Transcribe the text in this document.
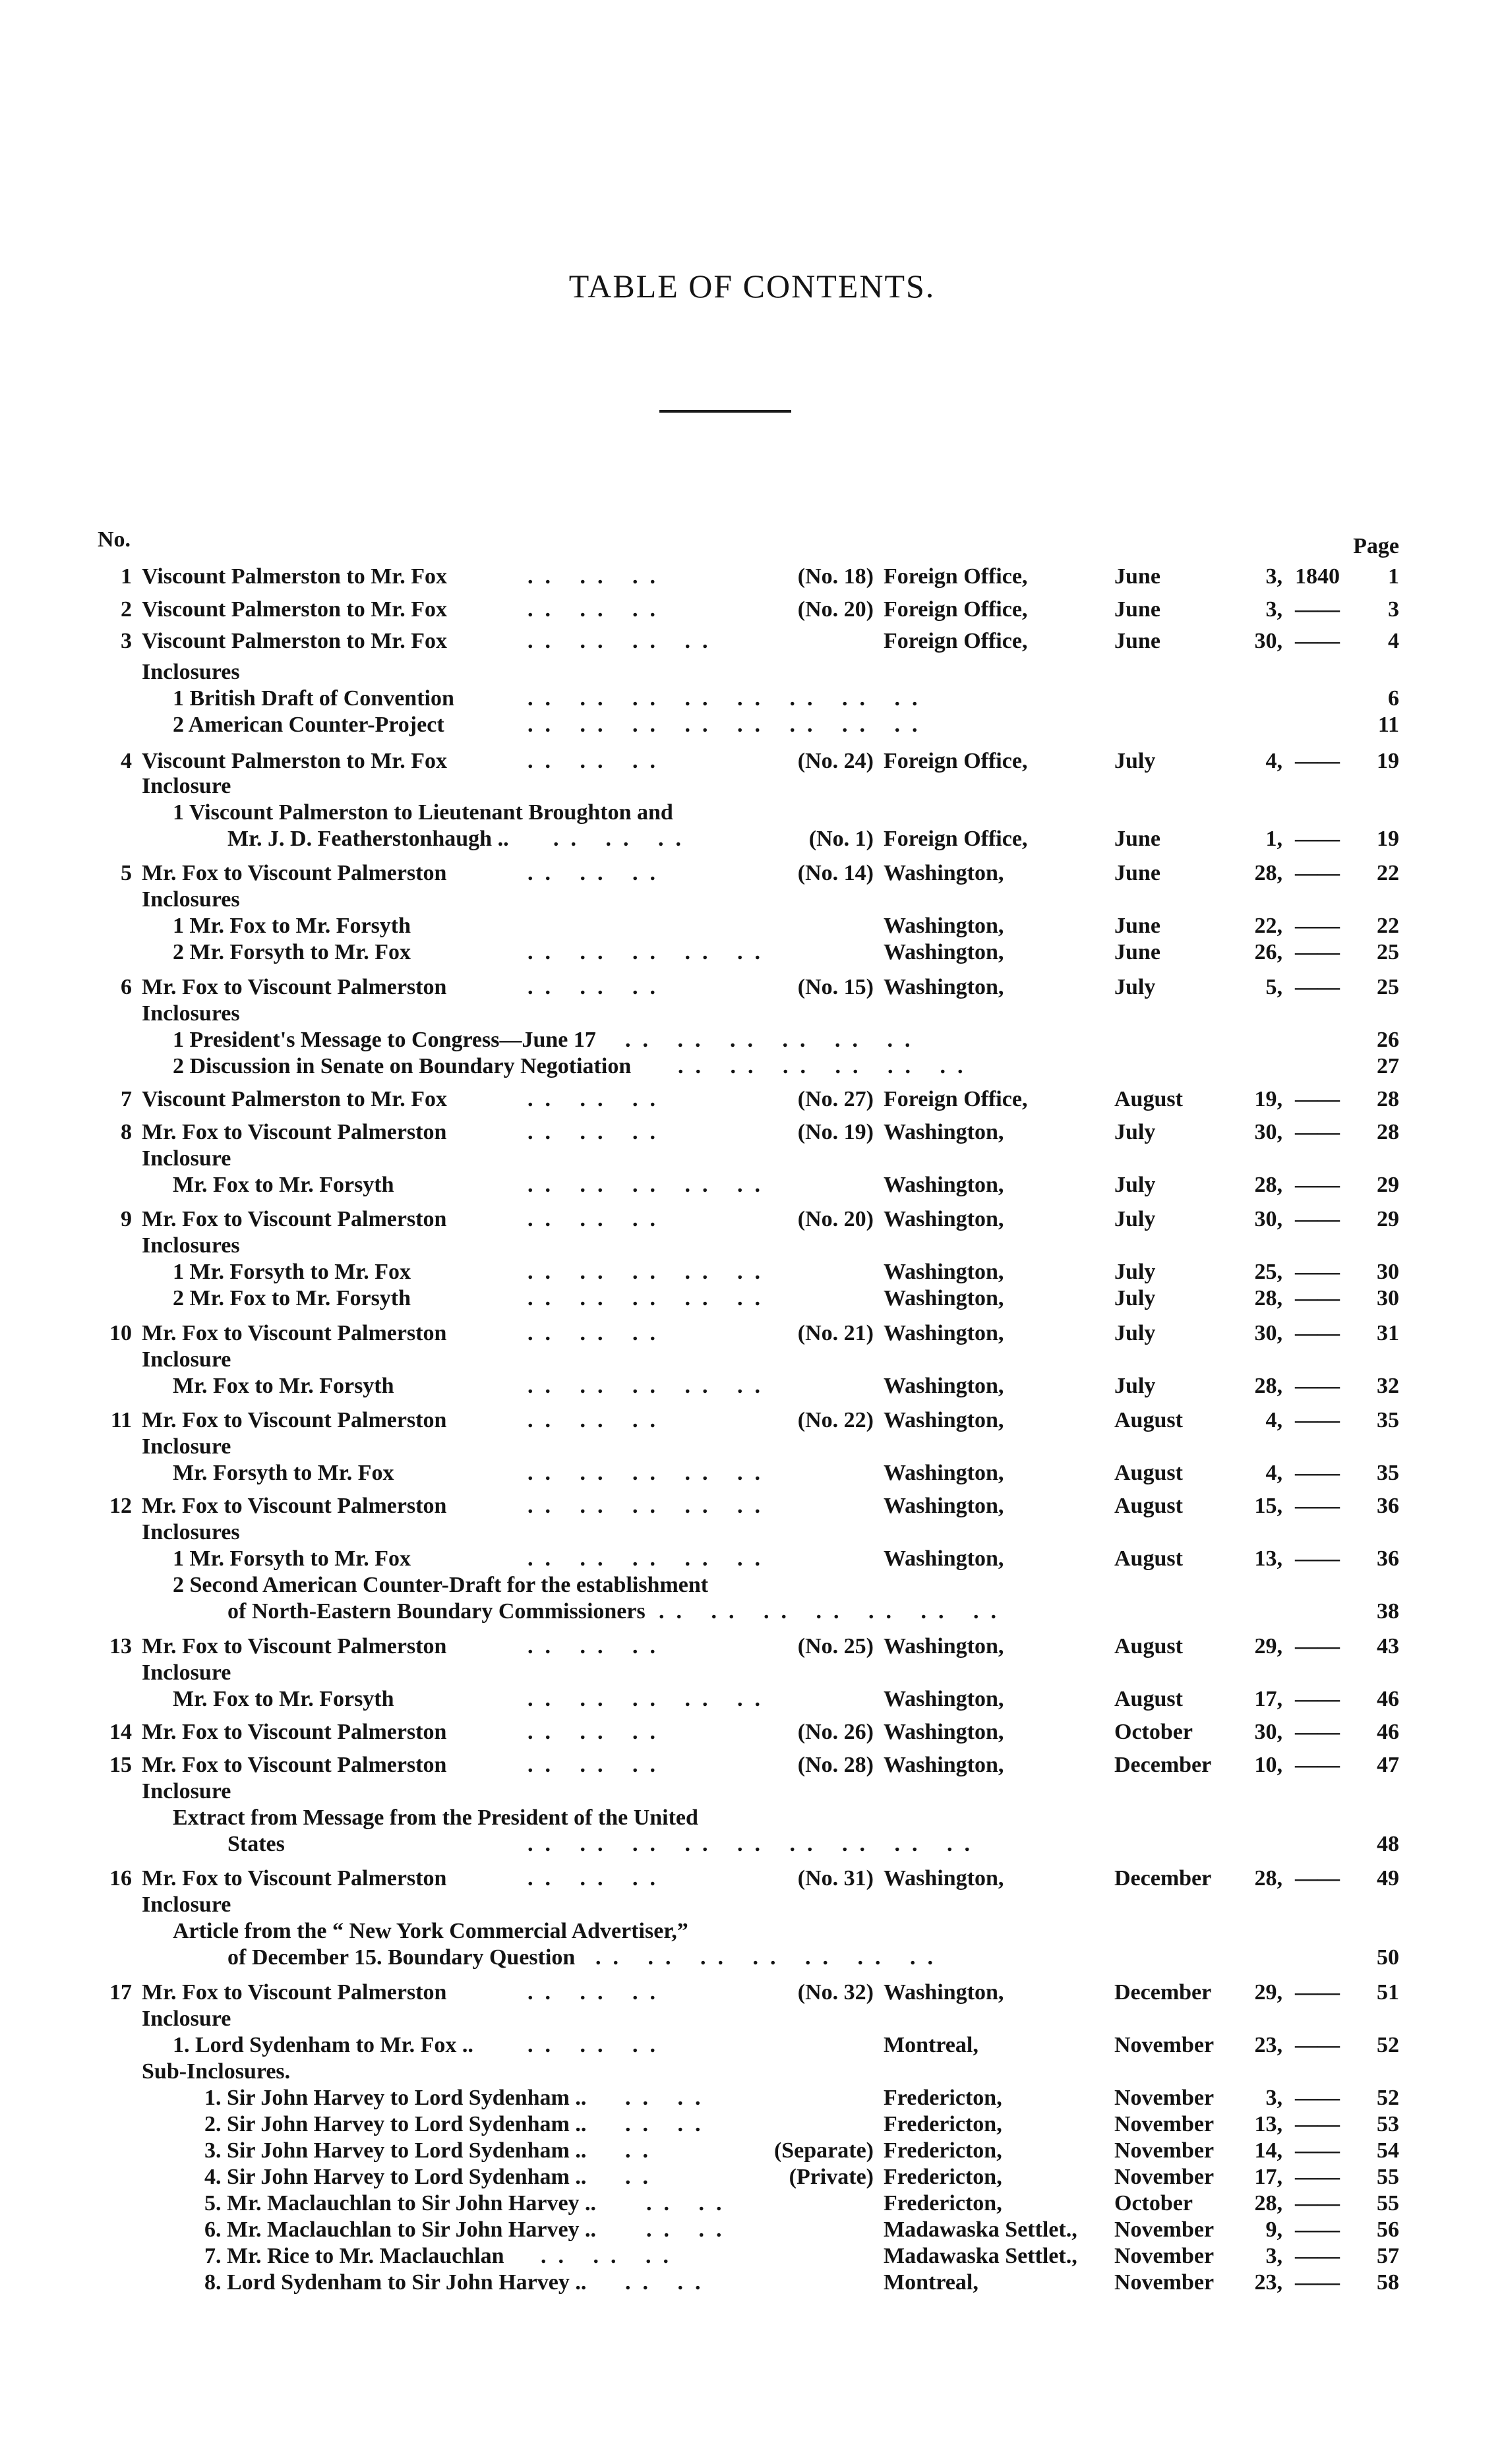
TABLE OF CONTENTS.
No.	Page
1 Viscount Palmerston to Mr. Fox	.. .. ..	(No. 18) Foreign Office,	June	3, 1840	1
2 Viscount Palmerston to Mr. Fox	.. .. ..	(No. 20) Foreign Office,	June	3, ——	3
3 Viscount Palmerston to Mr. Fox	.. .. .. ..	Foreign Office,	June	30, ——	4
Inclosures
1 British Draft of Convention	.. .. .. .. .. .. .. ..	6
2 American Counter-Project	.. .. .. .. .. .. .. ..	11
4 Viscount Palmerston to Mr. Fox	.. .. ..	(No. 24) Foreign Office,	July	4, ——	19
Inclosure
1 Viscount Palmerston to Lieutenant Broughton and
Mr. J. D. Featherstonhaugh .. .. .. ..	(No. 1) Foreign Office,	June	1, ——	19
5 Mr. Fox to Viscount Palmerston	.. .. ..	(No. 14) Washington,	June	28, ——	22
Inclosures
1 Mr. Fox to Mr. Forsyth	Washington,	June	22, ——	22
2 Mr. Forsyth to Mr. Fox	.. .. .. .. ..	Washington,	June	26, ——	25
6 Mr. Fox to Viscount Palmerston	.. .. ..	(No. 15) Washington,	July	5, ——	25
Inclosures
1 President's Message to Congress—June 17 .. .. .. .. .. ..	26
2 Discussion in Senate on Boundary Negotiation .. .. .. .. .. ..	27
7 Viscount Palmerston to Mr. Fox	.. .. ..	(No. 27) Foreign Office,	August	19, ——	28
8 Mr. Fox to Viscount Palmerston	.. .. ..	(No. 19) Washington,	July	30, ——	28
Inclosure
Mr. Fox to Mr. Forsyth	.. .. .. .. ..	Washington,	July	28, ——	29
9 Mr. Fox to Viscount Palmerston	.. .. ..	(No. 20) Washington,	July	30, ——	29
Inclosures
1 Mr. Forsyth to Mr. Fox	.. .. .. .. ..	Washington,	July	25, ——	30
2 Mr. Fox to Mr. Forsyth	.. .. .. .. ..	Washington,	July	28, ——	30
10 Mr. Fox to Viscount Palmerston	.. .. ..	(No. 21) Washington,	July	30, ——	31
Inclosure
Mr. Fox to Mr. Forsyth	.. .. .. .. ..	Washington,	July	28, ——	32
11 Mr. Fox to Viscount Palmerston	.. .. ..	(No. 22) Washington,	August	4, ——	35
Inclosure
Mr. Forsyth to Mr. Fox	.. .. .. .. ..	Washington,	August	4, ——	35
12 Mr. Fox to Viscount Palmerston	.. .. .. .. ..	Washington,	August	15, ——	36
Inclosures
1 Mr. Forsyth to Mr. Fox	.. .. .. .. ..	Washington,	August	13, ——	36
2 Second American Counter-Draft for the establishment
of North-Eastern Boundary Commissioners .. .. .. .. .. .. ..	38
13 Mr. Fox to Viscount Palmerston	.. .. ..	(No. 25) Washington,	August	29, ——	43
Inclosure
Mr. Fox to Mr. Forsyth	.. .. .. .. ..	Washington,	August	17, ——	46
14 Mr. Fox to Viscount Palmerston	.. .. ..	(No. 26) Washington,	October	30, ——	46
15 Mr. Fox to Viscount Palmerston	.. .. ..	(No. 28) Washington,	December	10, ——	47
Inclosure
Extract from Message from the President of the United
States	.. .. .. .. .. .. .. .. ..	48
16 Mr. Fox to Viscount Palmerston	.. .. ..	(No. 31) Washington,	December	28, ——	49
Inclosure
Article from the “ New York Commercial Advertiser,”
of December 15. Boundary Question .. .. .. .. .. .. ..	50
17 Mr. Fox to Viscount Palmerston	.. .. ..	(No. 32) Washington,	December	29, ——	51
Inclosure
1. Lord Sydenham to Mr. Fox .. .. .. ..	Montreal,	November	23, ——	52
Sub-Inclosures.
1. Sir John Harvey to Lord Sydenham .. .. ..	Fredericton,	November	3, ——	52
2. Sir John Harvey to Lord Sydenham .. .. ..	Fredericton,	November	13, ——	53
3. Sir John Harvey to Lord Sydenham .. ..	(Separate) Fredericton,	November	14, ——	54
4. Sir John Harvey to Lord Sydenham .. ..	(Private) Fredericton,	November	17, ——	55
5. Mr. Maclauchlan to Sir John Harvey .. .. ..	Fredericton,	October	28, ——	55
6. Mr. Maclauchlan to Sir John Harvey .. .. ..	Madawaska Settlet., November	9, ——	56
7. Mr. Rice to Mr. Maclauchlan .. .. ..	Madawaska Settlet., November	3, ——	57
8. Lord Sydenham to Sir John Harvey .. .. ..	Montreal,	November	23, ——	58
